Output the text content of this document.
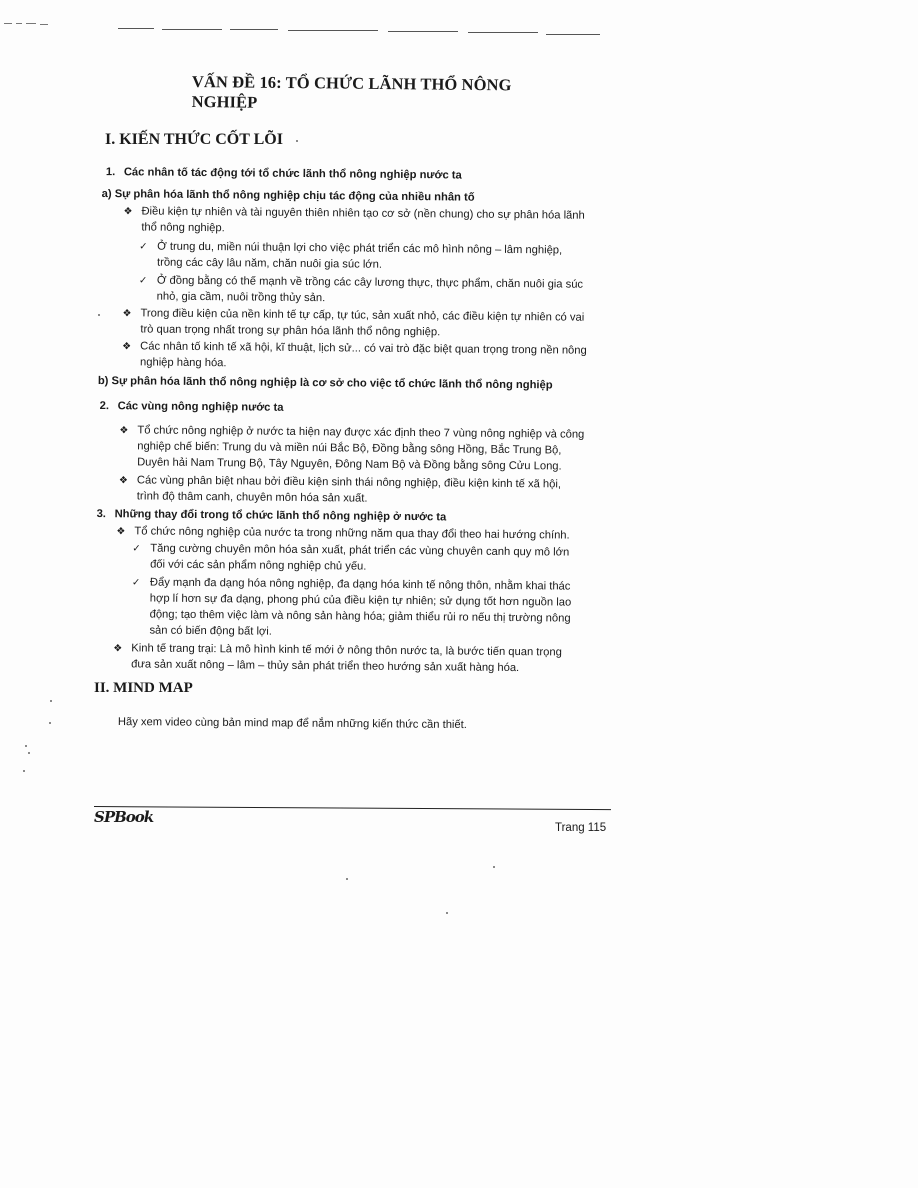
VẤN ĐỀ 16: TỔ CHỨC LÃNH THỔ NÔNG NGHIỆP
I. KIẾN THỨC CỐT LÕI
1. Các nhân tố tác động tới tổ chức lãnh thổ nông nghiệp nước ta
a) Sự phân hóa lãnh thổ nông nghiệp chịu tác động của nhiều nhân tố
❖ Điều kiện tự nhiên và tài nguyên thiên nhiên tạo cơ sở (nền chung) cho sự phân hóa lãnh
thổ nông nghiệp.
✓ Ở trung du, miền núi thuận lợi cho việc phát triển các mô hình nông – lâm nghiệp,
trồng các cây lâu năm, chăn nuôi gia súc lớn.
✓ Ở đồng bằng có thế mạnh về trồng các cây lương thực, thực phẩm, chăn nuôi gia súc
nhỏ, gia cầm, nuôi trồng thủy sản.
❖ Trong điều kiện của nền kinh tế tự cấp, tự túc, sản xuất nhỏ, các điều kiện tự nhiên có vai
trò quan trọng nhất trong sự phân hóa lãnh thổ nông nghiệp.
❖ Các nhân tố kinh tế xã hội, kĩ thuật, lịch sử... có vai trò đặc biệt quan trọng trong nền nông
nghiệp hàng hóa.
b) Sự phân hóa lãnh thổ nông nghiệp là cơ sở cho việc tổ chức lãnh thổ nông nghiệp
2. Các vùng nông nghiệp nước ta
❖ Tổ chức nông nghiệp ở nước ta hiện nay được xác định theo 7 vùng nông nghiệp và công
nghiệp chế biến: Trung du và miền núi Bắc Bộ, Đồng bằng sông Hồng, Bắc Trung Bộ,
Duyên hải Nam Trung Bộ, Tây Nguyên, Đông Nam Bộ và Đồng bằng sông Cửu Long.
❖ Các vùng phân biệt nhau bởi điều kiện sinh thái nông nghiệp, điều kiện kinh tế xã hội,
trình độ thâm canh, chuyên môn hóa sản xuất.
3. Những thay đổi trong tổ chức lãnh thổ nông nghiệp ở nước ta
❖ Tổ chức nông nghiệp của nước ta trong những năm qua thay đổi theo hai hướng chính.
✓ Tăng cường chuyên môn hóa sản xuất, phát triển các vùng chuyên canh quy mô lớn
đối với các sản phẩm nông nghiệp chủ yếu.
✓ Đẩy mạnh đa dạng hóa nông nghiệp, đa dạng hóa kinh tế nông thôn, nhằm khai thác
hợp lí hơn sự đa dạng, phong phú của điều kiện tự nhiên; sử dụng tốt hơn nguồn lao
động; tạo thêm việc làm và nông sản hàng hóa; giảm thiểu rủi ro nếu thị trường nông
sản có biến động bất lợi.
❖ Kinh tế trang trại: Là mô hình kinh tế mới ở nông thôn nước ta, là bước tiến quan trọng
đưa sản xuất nông – lâm – thủy sản phát triển theo hướng sản xuất hàng hóa.
II. MIND MAP
Hãy xem video cùng bản mind map để nắm những kiến thức cần thiết.
SPBook
Trang 115
